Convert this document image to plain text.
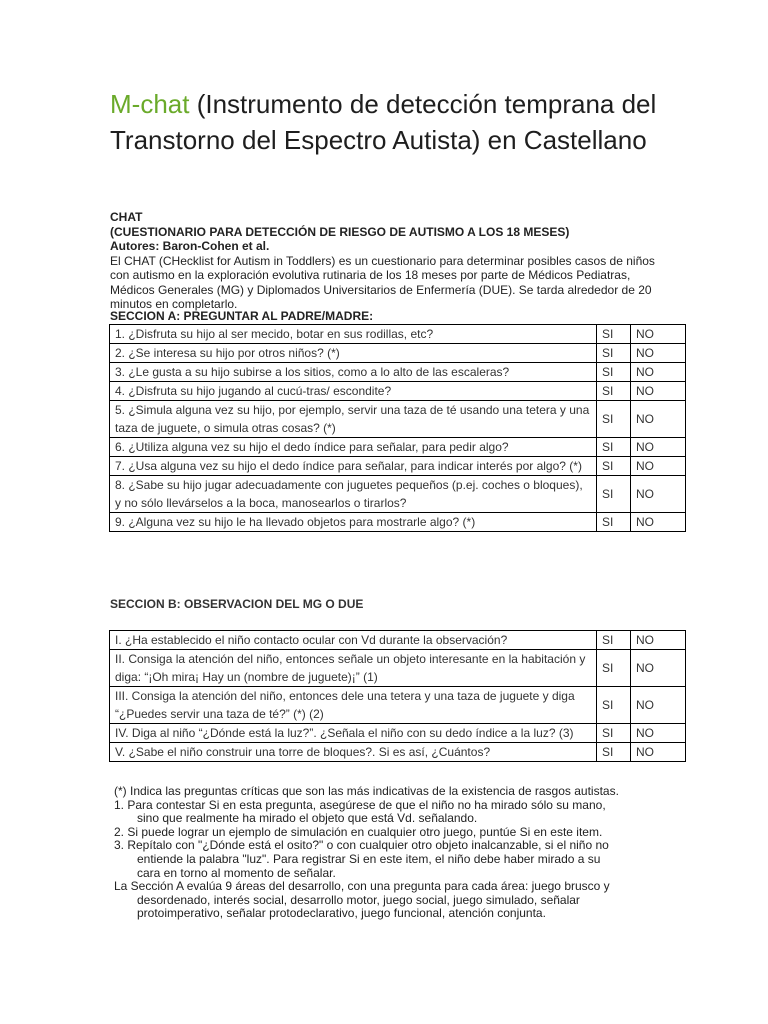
M-chat (Instrumento de detección temprana del Transtorno del Espectro Autista) en Castellano
CHAT
(CUESTIONARIO PARA DETECCIÓN DE RIESGO DE AUTISMO A LOS 18 MESES)
Autores: Baron-Cohen et al.
El CHAT (CHecklist for Autism in Toddlers) es un cuestionario para determinar posibles casos de niños con autismo en la exploración evolutiva rutinaria de los 18 meses por parte de Médicos Pediatras, Médicos Generales (MG) y Diplomados Universitarios de Enfermería (DUE). Se tarda alrededor de 20 minutos en completarlo.
SECCION A: PREGUNTAR AL PADRE/MADRE:
1. ¿Disfruta su hijo al ser mecido, botar en sus rodillas, etc?	SI	NO
2. ¿Se interesa su hijo por otros niños? (*)	SI	NO
3. ¿Le gusta a su hijo subirse a los sitios, como a lo alto de las escaleras?	SI	NO
4. ¿Disfruta su hijo jugando al cucú-tras/ escondite?	SI	NO
5. ¿Simula alguna vez su hijo, por ejemplo, servir una taza de té usando una tetera y una taza de juguete, o simula otras cosas? (*)	SI	NO
6. ¿Utiliza alguna vez su hijo el dedo índice para señalar, para pedir algo?	SI	NO
7. ¿Usa alguna vez su hijo el dedo índice para señalar, para indicar interés por algo? (*)	SI	NO
8. ¿Sabe su hijo jugar adecuadamente con juguetes pequeños (p.ej. coches o bloques), y no sólo llevárselos a la boca, manosearlos o tirarlos?	SI	NO
9. ¿Alguna vez su hijo le ha llevado objetos para mostrarle algo? (*)	SI	NO
SECCION B: OBSERVACION DEL MG O DUE
I. ¿Ha establecido el niño contacto ocular con Vd durante la observación?	SI	NO
II. Consiga la atención del niño, entonces señale un objeto interesante en la habitación y diga: “¡Oh mira¡ Hay un (nombre de juguete)¡” (1)	SI	NO
III. Consiga la atención del niño, entonces dele una tetera y una taza de juguete y diga “¿Puedes servir una taza de té?” (*) (2)	SI	NO
IV. Diga al niño “¿Dónde está la luz?”. ¿Señala el niño con su dedo índice a la luz? (3)	SI	NO
V. ¿Sabe el niño construir una torre de bloques?. Si es así, ¿Cuántos?	SI	NO

(*) Indica las preguntas críticas que son las más indicativas de la existencia de rasgos autistas.

1. Para contestar Si en esta pregunta, asegúrese de que el niño no ha mirado sólo su mano,

sino que realmente ha mirado el objeto que está Vd. señalando.

2. Si puede lograr un ejemplo de simulación en cualquier otro juego, puntúe Si en este item.

3. Repítalo con "¿Dónde está el osito?" o con cualquier otro objeto inalcanzable, si el niño no

entiende la palabra "luz". Para registrar Si en este item, el niño debe haber mirado a su

cara en torno al momento de señalar.

La Sección A evalúa 9 áreas del desarrollo, con una pregunta para cada área: juego brusco y

desordenado, interés social, desarrollo motor, juego social, juego simulado, señalar

protoimperativo, señalar protodeclarativo, juego funcional, atención conjunta.
